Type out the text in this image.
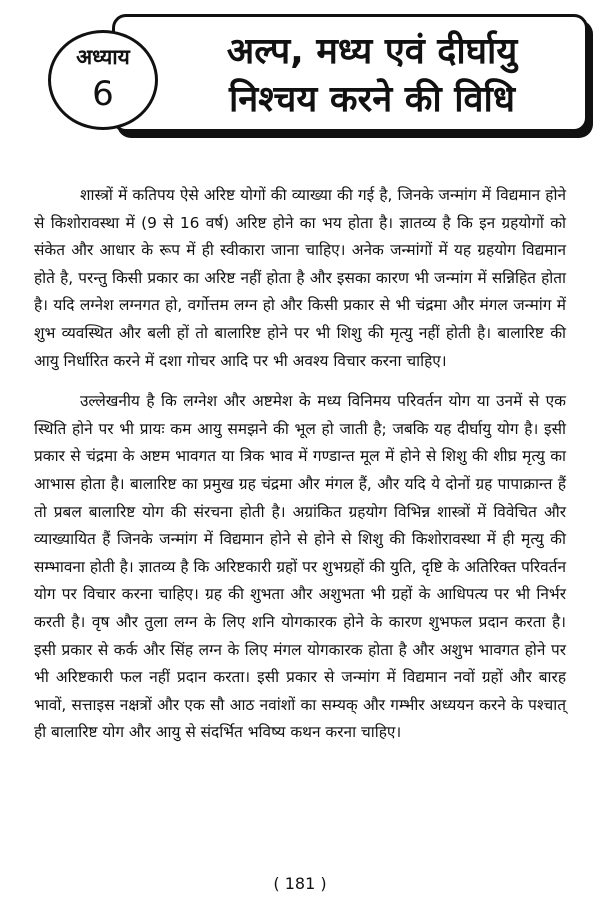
अध्याय
6
अल्प, मध्य एवं दीर्घायु
निश्चय करने की विधि

शास्त्रों में कतिपय ऐसे अरिष्ट योगों की व्याख्या की गई है, जिनके जन्मांग में विद्यमान होने से किशोरावस्था में (9 से 16 वर्ष) अरिष्ट होने का भय होता है। ज्ञातव्य है कि इन ग्रहयोगों को संकेत और आधार के रूप में ही स्वीकारा जाना चाहिए। अनेक जन्मांगों में यह ग्रहयोग विद्यमान होते है, परन्तु किसी प्रकार का अरिष्ट नहीं होता है और इसका कारण भी जन्मांग में सन्निहित होता है। यदि लग्नेश लग्नगत हो, वर्गोत्तम लग्न हो और किसी प्रकार से भी चंद्रमा और मंगल जन्मांग में शुभ व्यवस्थित और बली हों तो बालारिष्ट होने पर भी शिशु की मृत्यु नहीं होती है। बालारिष्ट की आयु निर्धारित करने में दशा गोचर आदि पर भी अवश्य विचार करना चाहिए।

उल्लेखनीय है कि लग्नेश और अष्टमेश के मध्य विनिमय परिवर्तन योग या उनमें से एक स्थिति होने पर भी प्रायः कम आयु समझने की भूल हो जाती है; जबकि यह दीर्घायु योग है। इसी प्रकार से चंद्रमा के अष्टम भावगत या त्रिक भाव में गण्डान्त मूल में होने से शिशु की शीघ्र मृत्यु का आभास होता है। बालारिष्ट का प्रमुख ग्रह चंद्रमा और मंगल हैं, और यदि ये दोनों ग्रह पापाक्रान्त हैं तो प्रबल बालारिष्ट योग की संरचना होती है। अग्रांकित ग्रहयोग विभिन्न शास्त्रों में विवेचित और व्याख्यायित हैं जिनके जन्मांग में विद्यमान होने से होने से शिशु की किशोरावस्था में ही मृत्यु की सम्भावना होती है। ज्ञातव्य है कि अरिष्टकारी ग्रहों पर शुभग्रहों की युति, दृष्टि के अतिरिक्त परिवर्तन योग पर विचार करना चाहिए। ग्रह की शुभता और अशुभता भी ग्रहों के आधिपत्य पर भी निर्भर करती है। वृष और तुला लग्न के लिए शनि योगकारक होने के कारण शुभफल प्रदान करता है। इसी प्रकार से कर्क और सिंह लग्न के लिए मंगल योगकारक होता है और अशुभ भावगत होने पर भी अरिष्टकारी फल नहीं प्रदान करता। इसी प्रकार से जन्मांग में विद्यमान नवों ग्रहों और बारह भावों, सत्ताइस नक्षत्रों और एक सौ आठ नवांशों का सम्यक् और गम्भीर अध्ययन करने के पश्चात् ही बालारिष्ट योग और आयु से संदर्भित भविष्य कथन करना चाहिए।

( 181 )
